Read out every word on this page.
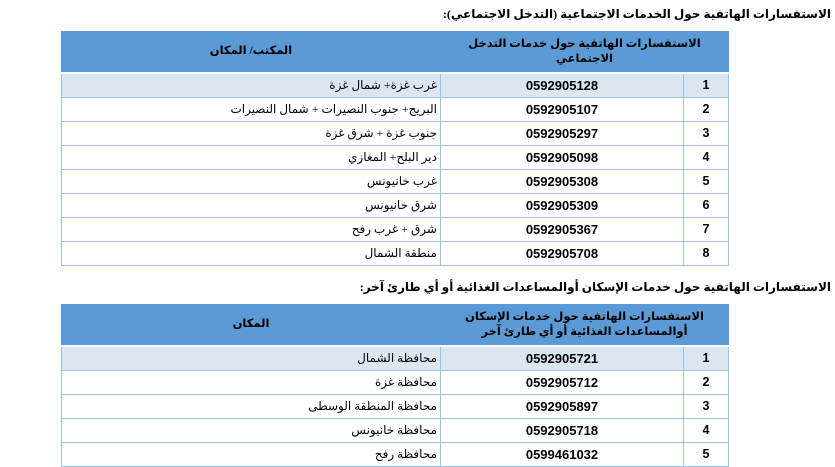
الاستفسارات الهاتفية حول الخدمات الاجتماعية (التدخل الاجتماعي):

الاستفسارات الهاتفية حول خدمات التدخل الاجتماعي		المكتب/ المكان
1	0592905128	غرب غزة+ شمال غزة
2	0592905107	البريج+ جنوب النصيرات + شمال النصيرات
3	0592905297	جنوب غزة + شرق غزة
4	0592905098	دير البلح+ المغازي
5	0592905308	غرب خانيونس
6	0592905309	شرق خانيونس
7	0592905367	شرق + غرب رفح
8	0592905708	منطقة الشمال

الاستفسارات الهاتفية حول خدمات الإسكان أوالمساعدات الغذائية أو أي طارئ آخر:

الاستفسارات الهاتفية حول خدمات الإسكان أوالمساعدات الغذائية أو أي طارئ آخر		المكان
1	0592905721	محافظة الشمال
2	0592905712	محافظة غزة
3	0592905897	محافظة المنطقة الوسطى
4	0592905718	محافظة خانيونس
5	0599461032	محافظة رفح
